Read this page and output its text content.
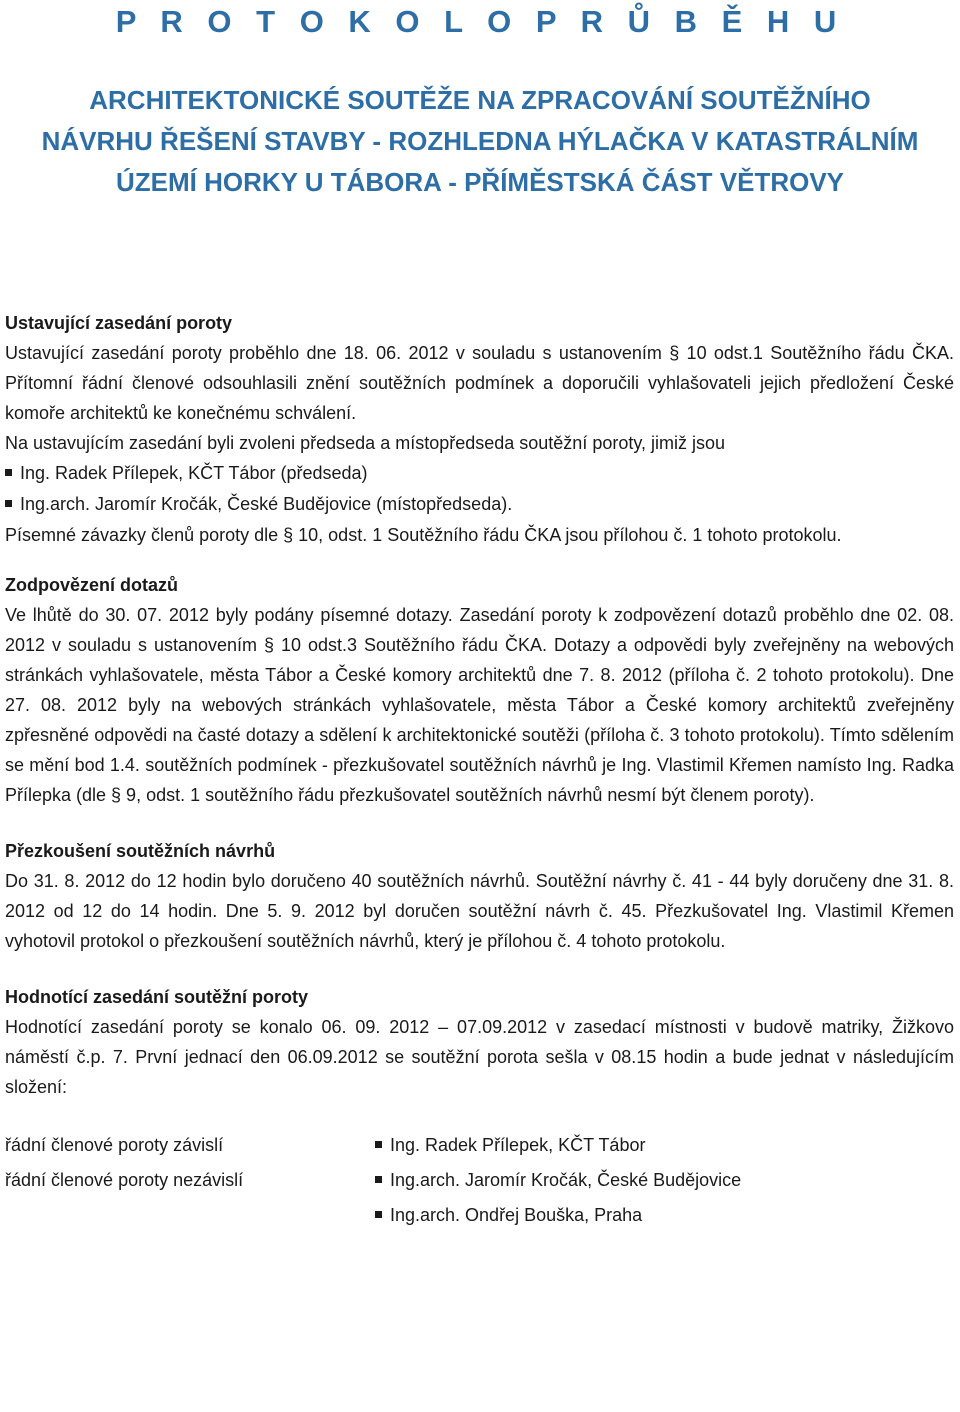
P R O T O K O L O P R Ů B Ě H U
ARCHITEKTONICKÉ SOUTĚŽE NA ZPRACOVÁNÍ SOUTĚŽNÍHO
NÁVRHU ŘEŠENÍ STAVBY - ROZHLEDNA HÝLAČKA V KATASTRÁLNÍM
ÚZEMÍ HORKY U TÁBORA - PŘÍMĚSTSKÁ ČÁST VĚTROVY
Ustavující zasedání poroty

Ustavující zasedání poroty proběhlo dne 18. 06. 2012 v souladu s ustanovením § 10 odst.1 Soutěžního řádu ČKA. Přítomní řádní členové odsouhlasili znění soutěžních podmínek a doporučili vyhlašovateli jejich předložení České komoře architektů ke konečnému schválení.

Na ustavujícím zasedání byli zvoleni předseda a místopředseda soutěžní poroty, jimiž jsou

Ing. Radek Přílepek, KČT Tábor (předseda)
Ing.arch. Jaromír Kročák, České Budějovice (místopředseda).

Písemné závazky členů poroty dle § 10, odst. 1 Soutěžního řádu ČKA jsou přílohou č. 1 tohoto protokolu.

Zodpovězení dotazů

Ve lhůtě do 30. 07. 2012 byly podány písemné dotazy. Zasedání poroty k zodpovězení dotazů proběhlo dne 02. 08. 2012 v souladu s ustanovením § 10 odst.3 Soutěžního řádu ČKA. Dotazy a odpovědi byly zveřejněny na webových stránkách vyhlašovatele, města Tábor a České komory architektů dne 7. 8. 2012 (příloha č. 2 tohoto protokolu). Dne 27. 08. 2012 byly na webových stránkách vyhlašovatele, města Tábor a České komory architektů zveřejněny zpřesněné odpovědi na časté dotazy a sdělení k architektonické soutěži (příloha č. 3 tohoto protokolu). Tímto sdělením se mění bod 1.4. soutěžních podmínek - přezkušovatel soutěžních návrhů je Ing. Vlastimil Křemen namísto Ing. Radka Přílepka (dle § 9, odst. 1 soutěžního řádu přezkušovatel soutěžních návrhů nesmí být členem poroty).

Přezkoušení soutěžních návrhů

Do 31. 8. 2012 do 12 hodin bylo doručeno 40 soutěžních návrhů. Soutěžní návrhy č. 41 - 44 byly doručeny dne 31. 8. 2012 od 12 do 14 hodin. Dne 5. 9. 2012 byl doručen soutěžní návrh č. 45. Přezkušovatel Ing. Vlastimil Křemen vyhotovil protokol o přezkoušení soutěžních návrhů, který je přílohou č. 4 tohoto protokolu.

Hodnotící zasedání soutěžní poroty

Hodnotící zasedání poroty se konalo 06. 09. 2012 – 07.09.2012 v zasedací místnosti v budově matriky, Žižkovo náměstí č.p. 7. První jednací den 06.09.2012 se soutěžní porota sešla v 08.15 hodin a bude jednat v následujícím složení:

řádní členové poroty závislí	Ing. Radek Přílepek, KČT Tábor
řádní členové poroty nezávislí	Ing.arch. Jaromír Kročák, České Budějovice
Ing.arch. Ondřej Bouška, Praha
